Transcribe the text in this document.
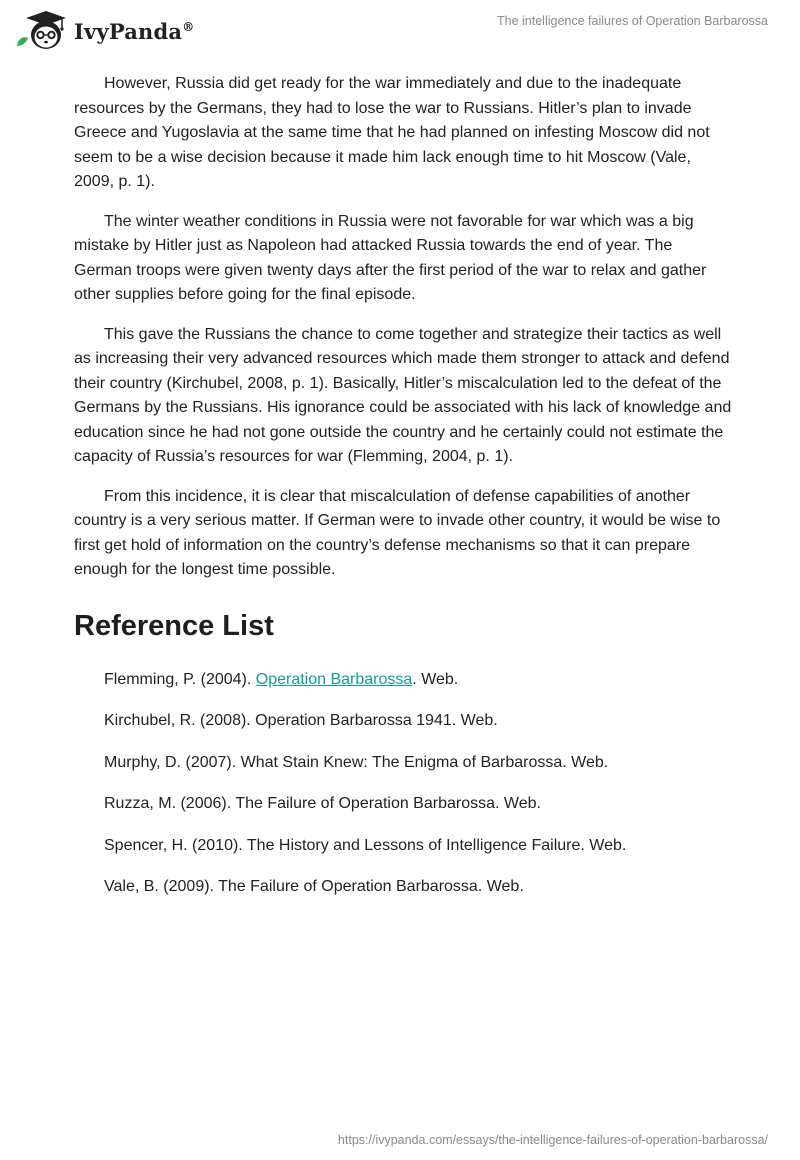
IvyPanda®	The intelligence failures of Operation Barbarossa

However, Russia did get ready for the war immediately and due to the inadequate resources by the Germans, they had to lose the war to Russians. Hitler’s plan to invade Greece and Yugoslavia at the same time that he had planned on infesting Moscow did not seem to be a wise decision because it made him lack enough time to hit Moscow (Vale, 2009, p. 1).

The winter weather conditions in Russia were not favorable for war which was a big mistake by Hitler just as Napoleon had attacked Russia towards the end of year. The German troops were given twenty days after the first period of the war to relax and gather other supplies before going for the final episode.

This gave the Russians the chance to come together and strategize their tactics as well as increasing their very advanced resources which made them stronger to attack and defend their country (Kirchubel, 2008, p. 1). Basically, Hitler’s miscalculation led to the defeat of the Germans by the Russians. His ignorance could be associated with his lack of knowledge and education since he had not gone outside the country and he certainly could not estimate the capacity of Russia’s resources for war (Flemming, 2004, p. 1).

From this incidence, it is clear that miscalculation of defense capabilities of another country is a very serious matter. If German were to invade other country, it would be wise to first get hold of information on the country’s defense mechanisms so that it can prepare enough for the longest time possible.

Reference List
Flemming, P. (2004). Operation Barbarossa. Web.
Kirchubel, R. (2008). Operation Barbarossa 1941. Web.
Murphy, D. (2007). What Stain Knew: The Enigma of Barbarossa. Web.
Ruzza, M. (2006). The Failure of Operation Barbarossa. Web.
Spencer, H. (2010). The History and Lessons of Intelligence Failure. Web.
Vale, B. (2009). The Failure of Operation Barbarossa. Web.
https://ivypanda.com/essays/the-intelligence-failures-of-operation-barbarossa/
